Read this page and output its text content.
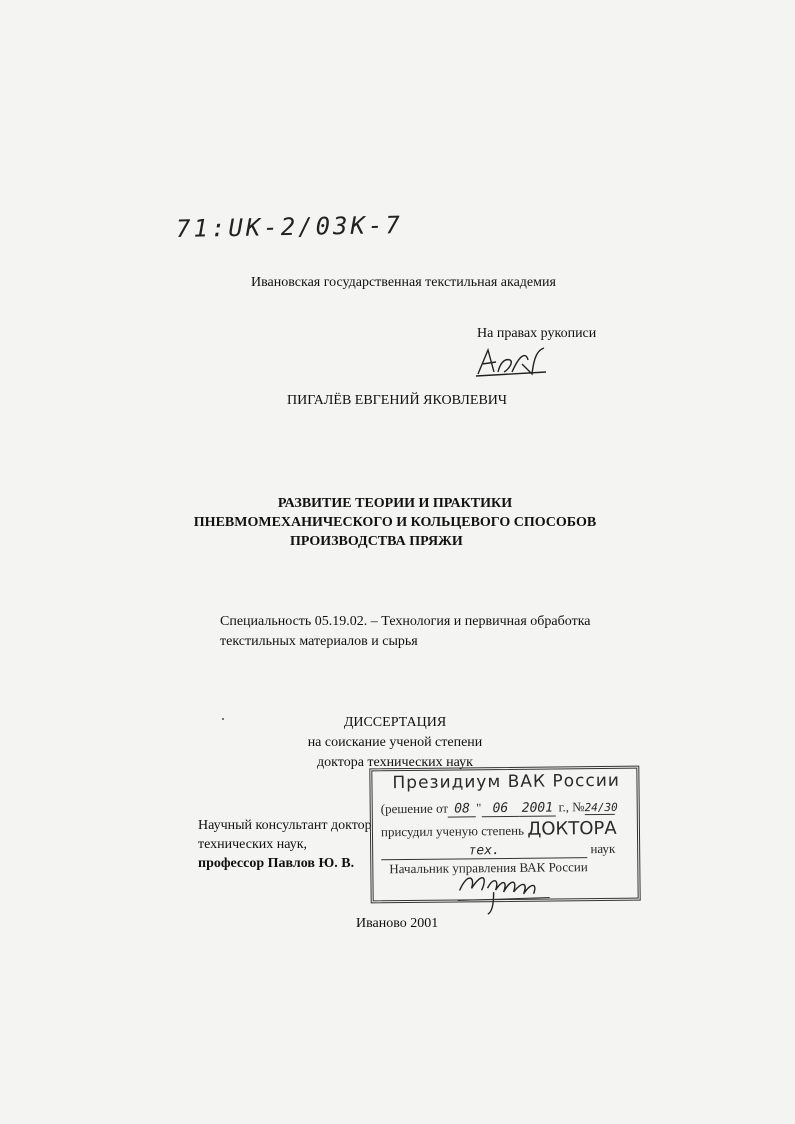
71:UK-2/03K-7
Ивановская государственная текстильная академия
На правах рукописи
ПИГАЛЁВ ЕВГЕНИЙ ЯКОВЛЕВИЧ
РАЗВИТИЕ ТЕОРИИ И ПРАКТИКИ
ПНЕВМОМЕХАНИЧЕСКОГО И КОЛЬЦЕВОГО СПОСОБОВ
ПРОИЗВОДСТВА ПРЯЖИ
Специальность 05.19.02. – Технология и первичная обработка
текстильных материалов и сырья
ДИССЕРТАЦИЯ
на соискание ученой степени
доктора технических наук
Научный консультант доктор
технических наук,
профессор Павлов Ю. В.
Президиум ВАК России
(решение от 08 " 06 2001 г., №24/30
присудил ученую степень ДОКТОРА
тех.	наук
Начальник управления ВАК России
Иваново 2001
